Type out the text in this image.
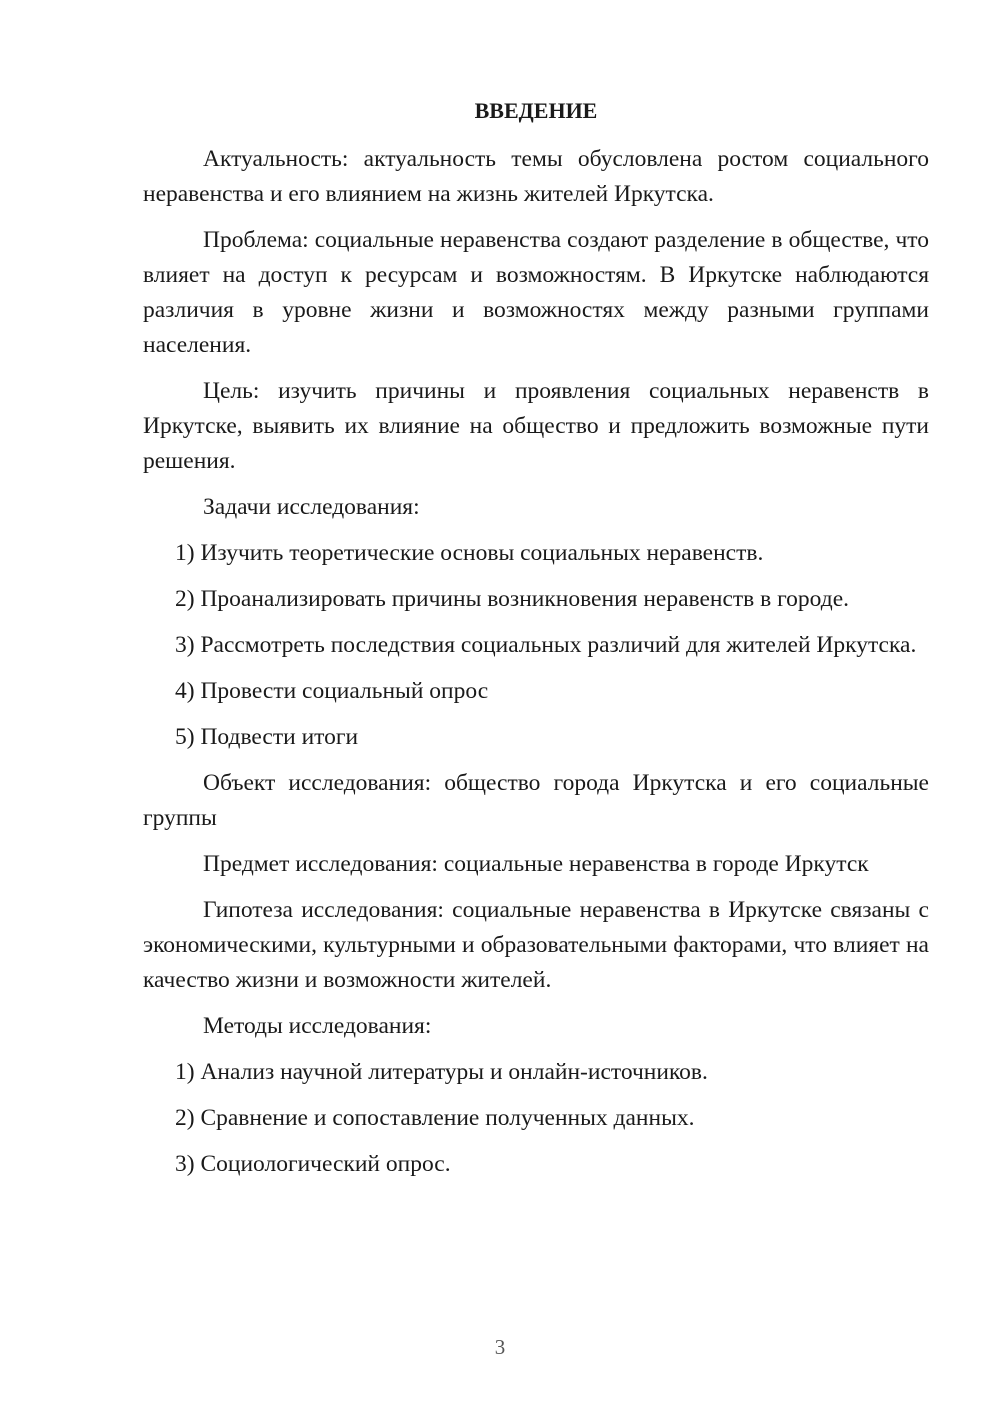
ВВЕДЕНИЕ

Актуальность: актуальность темы обусловлена ростом социального неравенства и его влиянием на жизнь жителей Иркутска.

Проблема: социальные неравенства создают разделение в обществе, что влияет на доступ к ресурсам и возможностям. В Иркутске наблюдаются различия в уровне жизни и возможностях между разными группами населения.

Цель: изучить причины и проявления социальных неравенств в Иркутске, выявить их влияние на общество и предложить возможные пути решения.

Задачи исследования:

1) Изучить теоретические основы социальных неравенств.

2) Проанализировать причины возникновения неравенств в городе.

3) Рассмотреть последствия социальных различий для жителей Иркутска.

4) Провести социальный опрос

5) Подвести итоги

Объект исследования: общество города Иркутска и его социальные группы

Предмет исследования: социальные неравенства в городе Иркутск

Гипотеза исследования: социальные неравенства в Иркутске связаны с экономическими, культурными и образовательными факторами, что влияет на качество жизни и возможности жителей.

Методы исследования:

1) Анализ научной литературы и онлайн-источников.

2) Сравнение и сопоставление полученных данных.

3) Социологический опрос.

3
